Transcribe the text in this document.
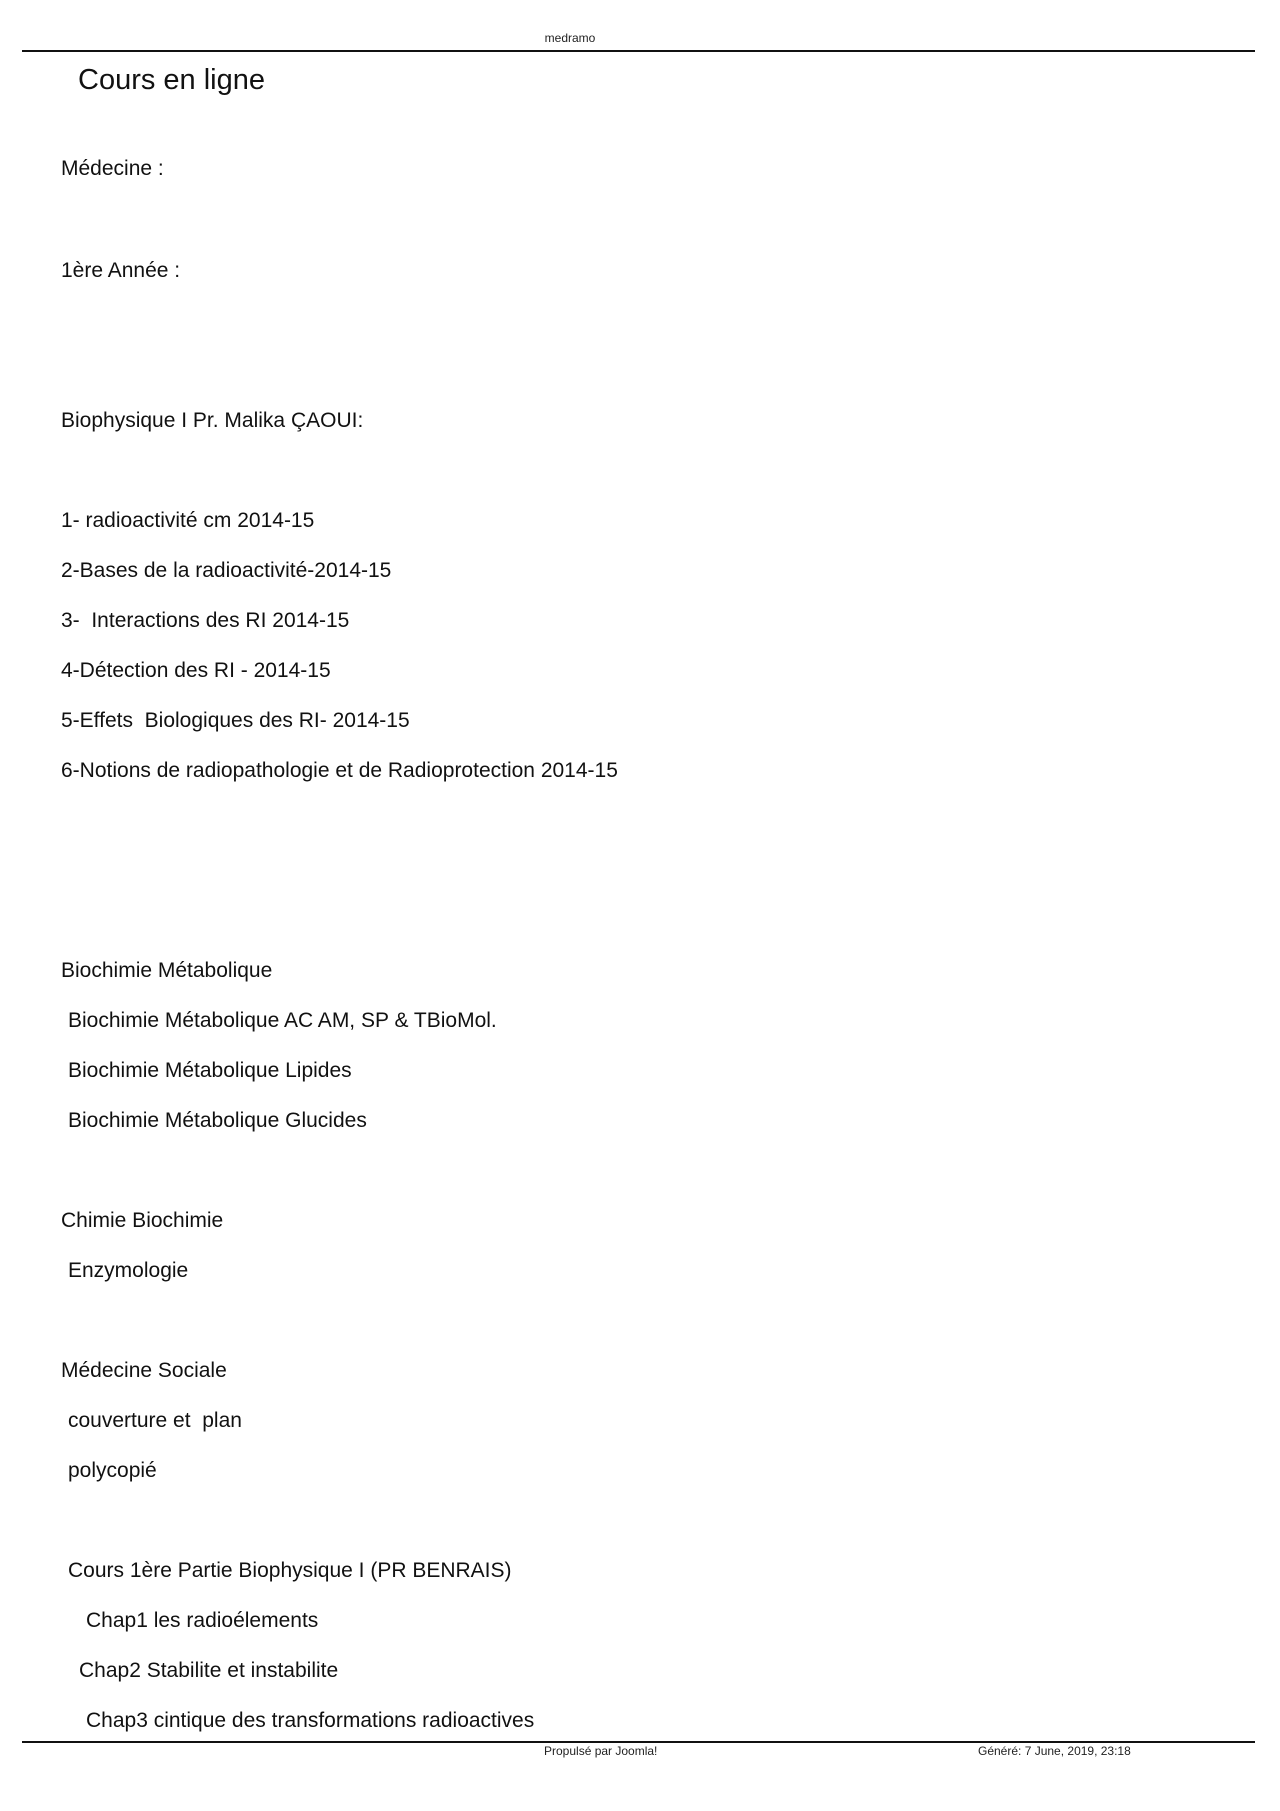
medramo
Cours en ligne
Médecine :
1ère Année :
Biophysique I Pr. Malika ÇAOUI:
1- radioactivité cm 2014-15
2-Bases de la radioactivité-2014-15
3-  Interactions des RI 2014-15
4-Détection des RI - 2014-15
5-Effets  Biologiques des RI- 2014-15
6-Notions de radiopathologie et de Radioprotection 2014-15
Biochimie Métabolique
Biochimie Métabolique AC AM, SP & TBioMol.
Biochimie Métabolique Lipides
Biochimie Métabolique Glucides
Chimie Biochimie
Enzymologie
Médecine Sociale
couverture et  plan
polycopié
Cours 1ère Partie Biophysique I (PR BENRAIS)
Chap1 les radioélements
Chap2 Stabilite et instabilite
Chap3 cintique des transformations radioactives
Propulsé par Joomla!	Généré: 7 June, 2019, 23:18
